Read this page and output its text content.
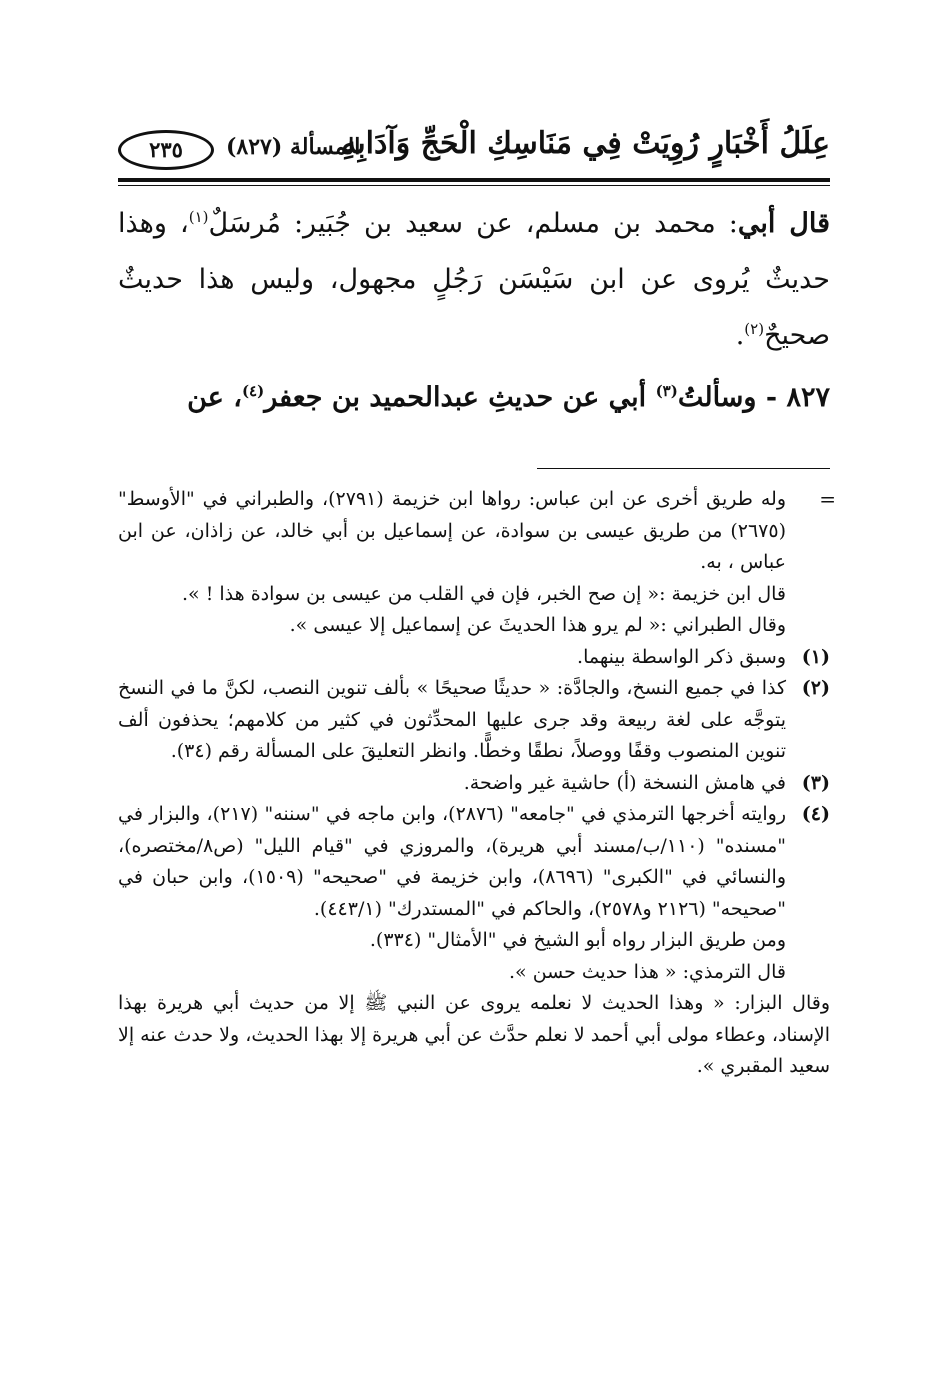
عِلَلُ أَخْبَارٍ رُوِيَتْ فِي مَنَاسِكِ الْحَجِّ وَآدَابِهِ
المسألة (٨٢٧)
٢٣٥

قال أبي: محمد بن مسلم، عن سعيد بن جُبَير: مُرسَلٌ$^{(١)}$، وهذا حديثٌ يُروى عن ابن سَيْسَن رَجُلٍ مجهول، وليس هذا حديثٌ صحيحٌ$^{(٢)}$.

٨٢٧ - وسألتُ$^{(٣)}$ أبي عن حديثِ عبدالحميد بن جعفر$^{(٤)}$، عن

=

وله طريق أخرى عن ابن عباس: رواها ابن خزيمة (٢٧٩١)، والطبراني في "الأوسط" (٢٦٧٥) من طريق عيسى بن سوادة، عن إسماعيل بن أبي خالد، عن زاذان، عن ابن عباس ، به.

قال ابن خزيمة :« إن صح الخبر، فإن في القلب من عيسى بن سوادة هذا ! ».

وقال الطبراني :« لم يرو هذا الحديثَ عن إسماعيل إلا عيسى ».

(١)
وسبق ذكر الواسطة بينهما.
(٢)
كذا في جميع النسخ، والجادَّة: « حديثًا صحيحًا » بألف تنوين النصب، لكنَّ ما في النسخ يتوجَّه على لغة ربيعة وقد جرى عليها المحدِّثون في كثير من كلامهم؛ يحذفون ألف تنوين المنصوب وقفًا ووصلاً، نطقًا وخطًّا. وانظر التعليقَ على المسألة رقم (٣٤).
(٣)
في هامش النسخة (أ) حاشية غير واضحة.
(٤)
روايته أخرجها الترمذي في "جامعه" (٢٨٧٦)، وابن ماجه في "سننه" (٢١٧)، والبزار في "مسنده" (١١٠/ب/مسند أبي هريرة)، والمروزي في "قيام الليل" (ص٨/مختصره)، والنسائي في "الكبرى" (٨٦٩٦)، وابن خزيمة في "صحيحه" (١٥٠٩)، وابن حبان في "صحيحه" (٢١٢٦ و٢٥٧٨)، والحاكم في "المستدرك" (٤٤٣/١).

ومن طريق البزار رواه أبو الشيخ في "الأمثال" (٣٣٤).

قال الترمذي: « هذا حديث حسن ».

وقال البزار: « وهذا الحديث لا نعلمه يروى عن النبي ﷺ إلا من حديث أبي هريرة بهذا الإسناد، وعطاء مولى أبي أحمد لا نعلم حدَّث عن أبي هريرة إلا بهذا الحديث، ولا حدث عنه إلا سعيد المقبري ».
